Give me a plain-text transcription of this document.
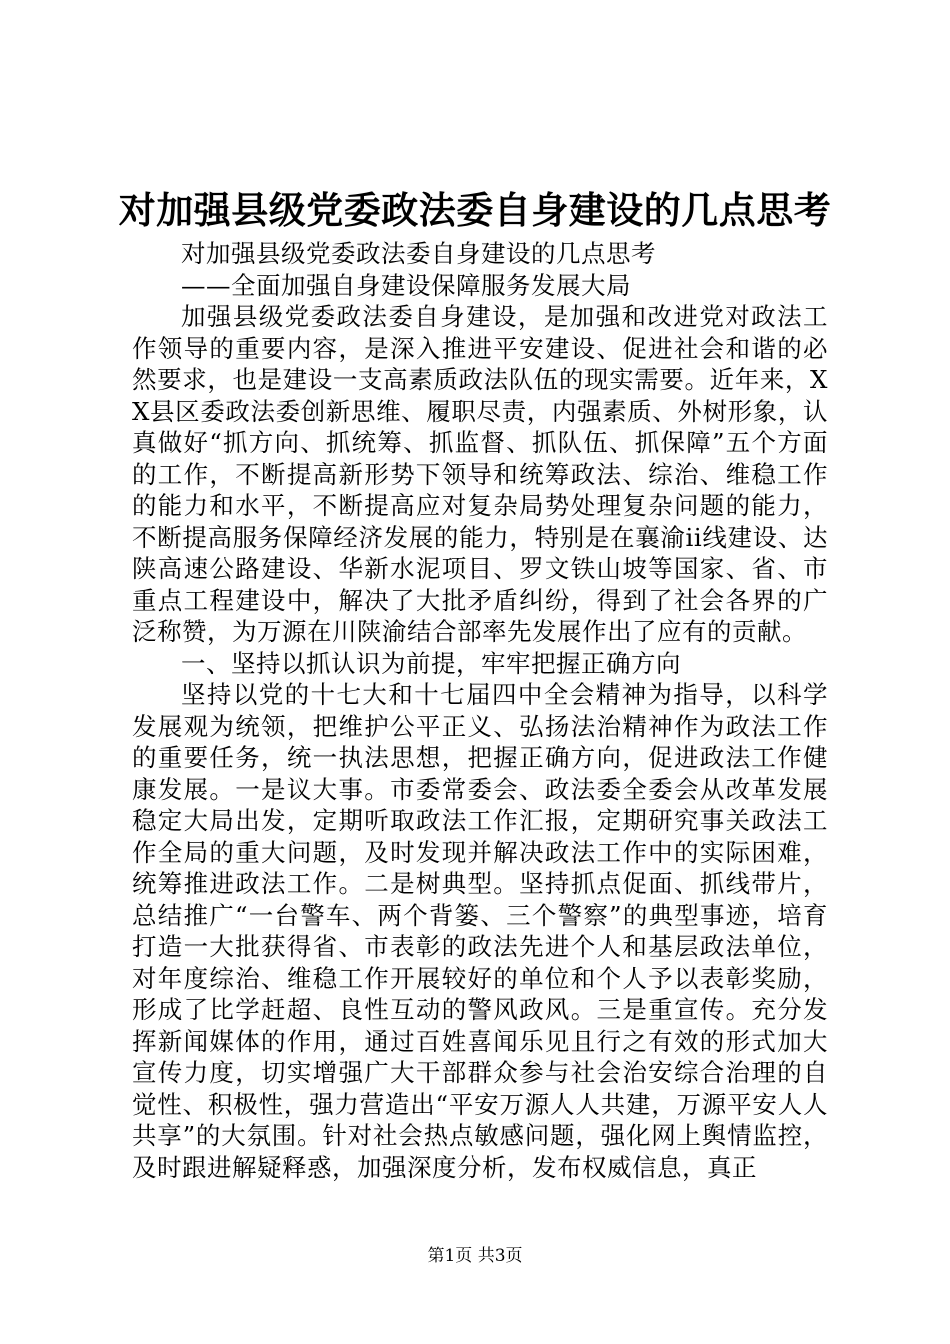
对加强县级党委政法委自身建设的几点思考

对加强县级党委政法委自身建设的几点思考

——全面加强自身建设保障服务发展大局

加强县级党委政法委自身建设，是加强和改进党对政法工作领导的重要内容，是深入推进平安建设、促进社会和谐的必然要求，也是建设一支高素质政法队伍的现实需要。近年来，XX县区委政法委创新思维、履职尽责，内强素质、外树形象，认真做好“抓方向、抓统筹、抓监督、抓队伍、抓保障”五个方面的工作，不断提高新形势下领导和统筹政法、综治、维稳工作的能力和水平，不断提高应对复杂局势处理复杂问题的能力，不断提高服务保障经济发展的能力，特别是在襄渝ii线建设、达陕高速公路建设、华新水泥项目、罗文铁山坡等国家、省、市重点工程建设中，解决了大批矛盾纠纷，得到了社会各界的广泛称赞，为万源在川陕渝结合部率先发展作出了应有的贡献。

一、坚持以抓认识为前提，牢牢把握正确方向

坚持以党的十七大和十七届四中全会精神为指导，以科学发展观为统领，把维护公平正义、弘扬法治精神作为政法工作的重要任务，统一执法思想，把握正确方向，促进政法工作健康发展。一是议大事。市委常委会、政法委全委会从改革发展稳定大局出发，定期听取政法工作汇报，定期研究事关政法工作全局的重大问题，及时发现并解决政法工作中的实际困难，统筹推进政法工作。二是树典型。坚持抓点促面、抓线带片，总结推广“一台警车、两个背篓、三个警察”的典型事迹，培育打造一大批获得省、市表彰的政法先进个人和基层政法单位，对年度综治、维稳工作开展较好的单位和个人予以表彰奖励，形成了比学赶超、良性互动的警风政风。三是重宣传。充分发挥新闻媒体的作用，通过百姓喜闻乐见且行之有效的形式加大宣传力度，切实增强广大干部群众参与社会治安综合治理的自觉性、积极性，强力营造出“平安万源人人共建，万源平安人人共享”的大氛围。针对社会热点敏感问题，强化网上舆情监控，及时跟进解疑释惑，加强深度分析，发布权威信息，真正

第1页 共3页
